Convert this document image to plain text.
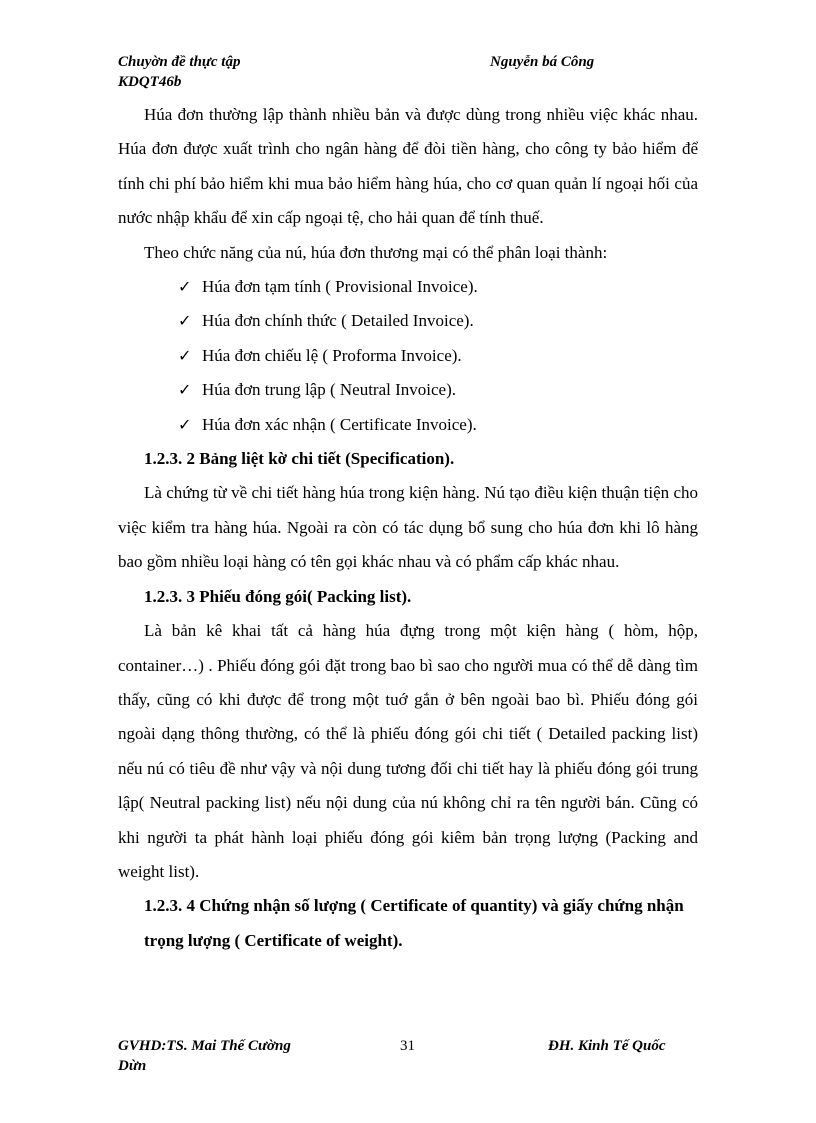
Chuyờn đề thực tập
KDQT46b
Nguyễn bá Công

Húa đơn thường lập thành nhiều bản và được dùng trong nhiều việc khác nhau. Húa đơn được xuất trình cho ngân hàng để đòi tiền hàng, cho công ty bảo hiểm để tính chi phí bảo hiểm khi mua bảo hiểm hàng húa, cho cơ quan quản lí ngoại hối của nước nhập khẩu để xin cấp ngoại tệ, cho hải quan để tính thuế.

Theo chức năng của nú, húa đơn thương mại có thể phân loại thành:

✓ Húa đơn tạm tính ( Provisional Invoice).
✓ Húa đơn chính thức ( Detailed Invoice).
✓ Húa đơn chiếu lệ ( Proforma Invoice).
✓ Húa đơn trung lập ( Neutral Invoice).
✓ Húa đơn xác nhận ( Certificate Invoice).

1.2.3. 2 Bảng liệt kờ chi tiết (Specification).

Là chứng từ về chi tiết hàng húa trong kiện hàng. Nú tạo điều kiện thuận tiện cho việc kiểm tra hàng húa. Ngoài ra còn có tác dụng bổ sung cho húa đơn khi lô hàng bao gồm nhiều loại hàng có tên gọi khác nhau và có phẩm cấp khác nhau.

1.2.3. 3 Phiếu đóng gói( Packing list).

Là bản kê khai tất cả hàng húa đựng trong một kiện hàng ( hòm, hộp, container…) . Phiếu đóng gói đặt trong bao bì sao cho người mua có thể dễ dàng tìm thấy, cũng có khi được để trong một tuớ gắn ở bên ngoài bao bì. Phiếu đóng gói ngoài dạng thông thường, có thể là phiếu đóng gói chi tiết ( Detailed packing list) nếu nú có tiêu đề như vậy và nội dung tương đối chi tiết hay là phiếu đóng gói trung lập( Neutral packing list) nếu nội dung của nú không chỉ ra tên người bán. Cũng có khi người ta phát hành loại phiếu đóng gói kiêm bản trọng lượng (Packing and weight list).

1.2.3. 4 Chứng nhận số lượng ( Certificate of quantity) và giấy chứng nhận trọng lượng ( Certificate of weight).

GVHD:TS. Mai Thế Cường
Dừn
31	ĐH. Kinh Tế Quốc
